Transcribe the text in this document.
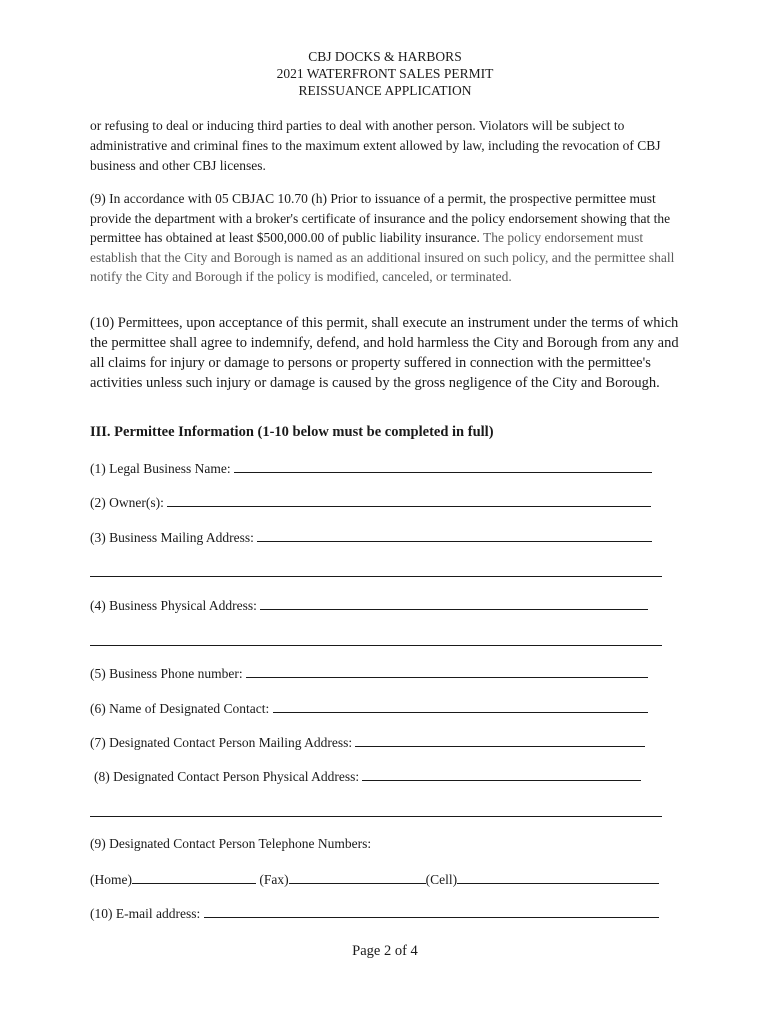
CBJ DOCKS & HARBORS
2021 WATERFRONT SALES PERMIT
REISSUANCE APPLICATION
or refusing to deal or inducing third parties to deal with another person. Violators will be subject to administrative and criminal fines to the maximum extent allowed by law, including the revocation of CBJ business and other CBJ licenses.
(9) In accordance with 05 CBJAC 10.70 (h) Prior to issuance of a permit, the prospective permittee must provide the department with a broker's certificate of insurance and the policy endorsement showing that the permittee has obtained at least $500,000.00 of public liability insurance. The policy endorsement must establish that the City and Borough is named as an additional insured on such policy, and the permittee shall notify the City and Borough if the policy is modified, canceled, or terminated.
(10) Permittees, upon acceptance of this permit, shall execute an instrument under the terms of which the permittee shall agree to indemnify, defend, and hold harmless the City and Borough from any and all claims for injury or damage to persons or property suffered in connection with the permittee's activities unless such injury or damage is caused by the gross negligence of the City and Borough.
III. Permittee Information (1-10 below must be completed in full)
(1) Legal Business Name:
(2) Owner(s):
(3) Business Mailing Address:
(4) Business Physical Address:
(5) Business Phone number:
(6) Name of Designated Contact:
(7) Designated Contact Person Mailing Address:
(8) Designated Contact Person Physical Address:
(9) Designated Contact Person Telephone Numbers:
(Home)	(Fax)	(Cell)
(10) E-mail address:
Page 2 of 4
